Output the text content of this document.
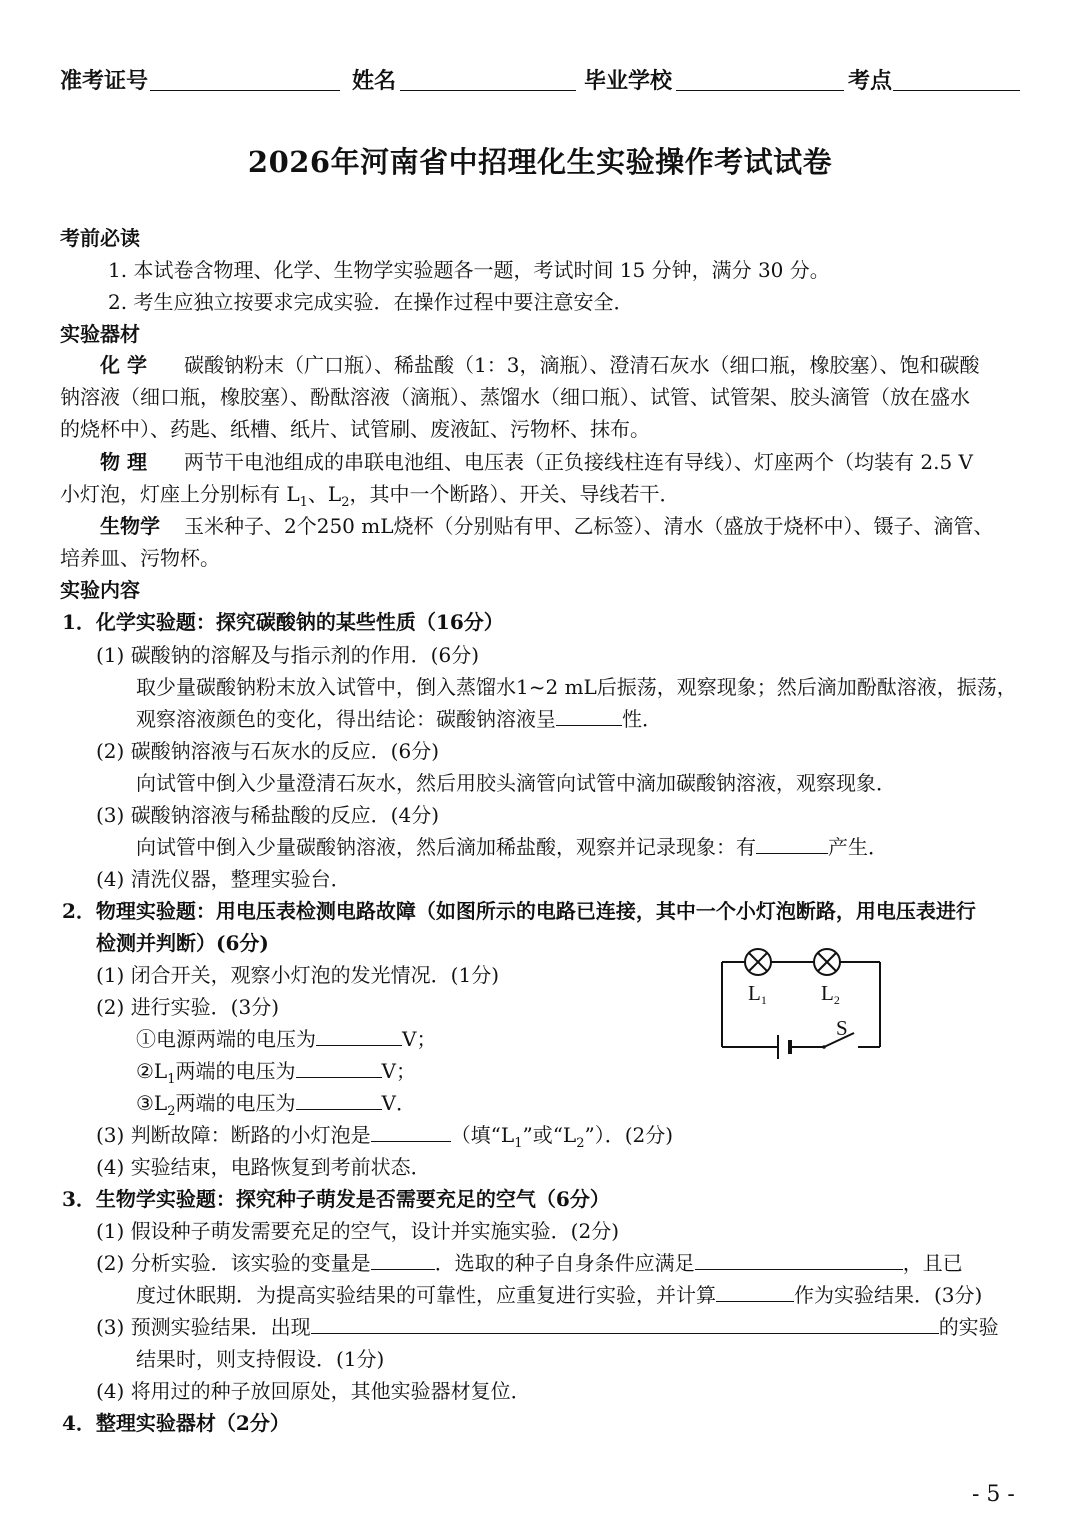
准考证号	姓名	毕业学校	考点
2026年河南省中招理化生实验操作考试试卷
考前必读
1. 本试卷含物理、化学、生物学实验题各一题，考试时间 15 分钟，满分 30 分。
2. 考生应独立按要求完成实验．在操作过程中要注意安全．
实验器材
化 学 碳酸钠粉末（广口瓶）、稀盐酸（1：3，滴瓶）、澄清石灰水（细口瓶，橡胶塞）、饱和碳酸
钠溶液（细口瓶，橡胶塞）、酚酞溶液（滴瓶）、蒸馏水（细口瓶）、试管、试管架、胶头滴管（放在盛水
的烧杯中）、药匙、纸槽、纸片、试管刷、废液缸、污物杯、抹布。
物 理 两节干电池组成的串联电池组、电压表（正负接线柱连有导线）、灯座两个（均装有 2.5 V
小灯泡，灯座上分别标有 $L_1$、$L_2$，其中一个断路）、开关、导线若干．
生物学 玉米种子、2个250 mL烧杯（分别贴有甲、乙标签）、清水（盛放于烧杯中）、镊子、滴管、
培养皿、污物杯。
实验内容
1．化学实验题：探究碳酸钠的某些性质（16分）
(1) 碳酸钠的溶解及与指示剂的作用．(6分)
取少量碳酸钠粉末放入试管中，倒入蒸馏水1~2 mL后振荡，观察现象；然后滴加酚酞溶液，振荡，
观察溶液颜色的变化，得出结论：碳酸钠溶液呈	性．
(2) 碳酸钠溶液与石灰水的反应．(6分)
向试管中倒入少量澄清石灰水，然后用胶头滴管向试管中滴加碳酸钠溶液，观察现象．
(3) 碳酸钠溶液与稀盐酸的反应．(4分)
向试管中倒入少量碳酸钠溶液，然后滴加稀盐酸，观察并记录现象：有	产生．
(4) 清洗仪器，整理实验台．
2．物理实验题：用电压表检测电路故障（如图所示的电路已连接，其中一个小灯泡断路，用电压表进行
检测并判断）(6分)
(1) 闭合开关，观察小灯泡的发光情况．(1分)
(2) 进行实验．(3分)
①电源两端的电压为	V；
$②L_1$两端的电压为	V；
$③L_2$两端的电压为	V．
(3) 判断故障：断路的小灯泡是	（填“$L_1$”或“$L_2$”）．(2分)
(4) 实验结束，电路恢复到考前状态．
L1	L2
S
3．生物学实验题：探究种子萌发是否需要充足的空气（6分）
(1) 假设种子萌发需要充足的空气，设计并实施实验．(2分)
(2) 分析实验．该实验的变量是	．选取的种子自身条件应满足	，且已
度过休眠期．为提高实验结果的可靠性，应重复进行实验，并计算	作为实验结果．(3分)
(3) 预测实验结果．出现	的实验
结果时，则支持假设．(1分)
(4) 将用过的种子放回原处，其他实验器材复位．
4．整理实验器材（2分）
- 5 -
